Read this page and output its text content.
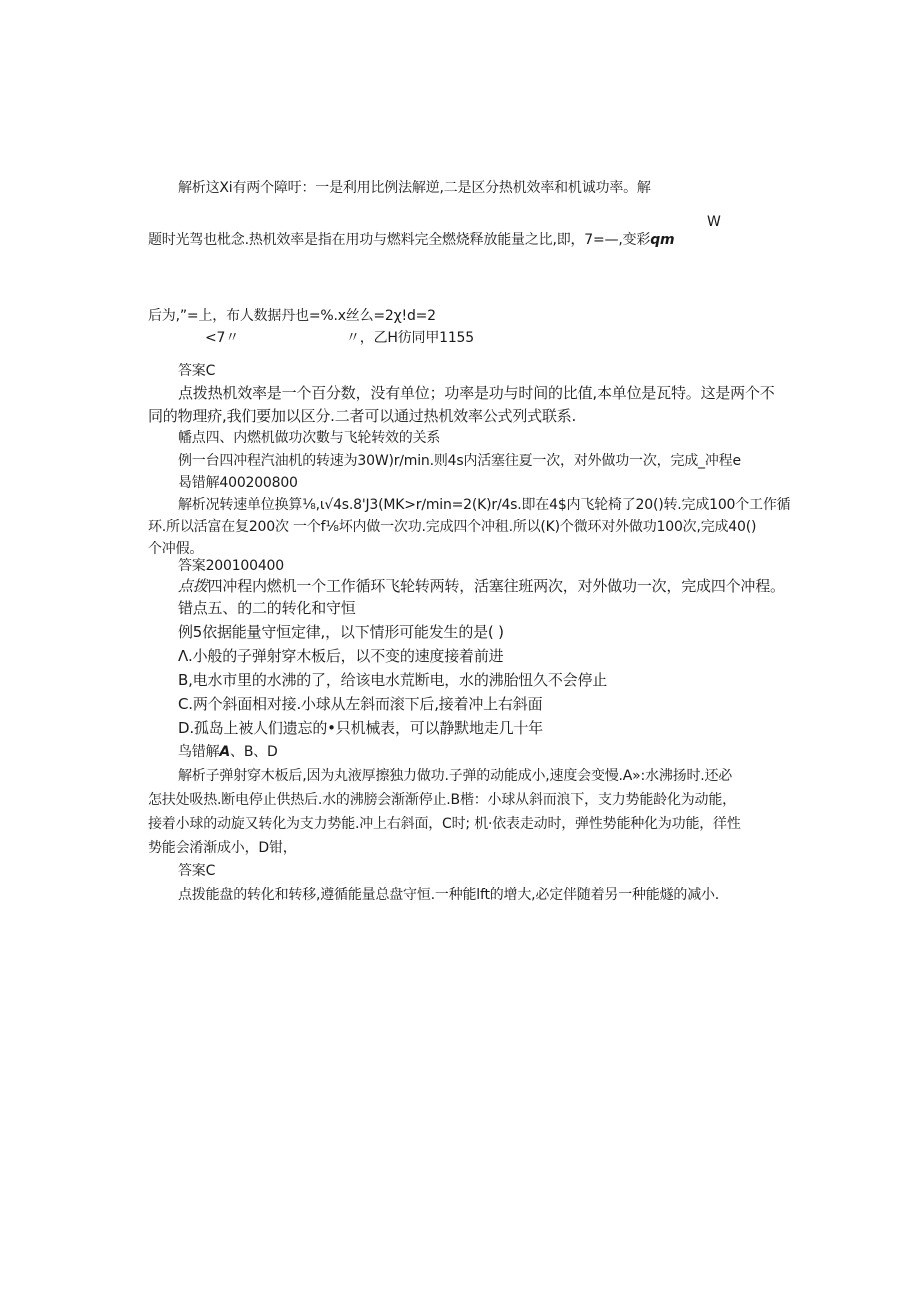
解析这Xi有两个障吁：一是利用比例法解逆,二是区分热机效率和机诚功率。解
W
题时光驾也枇念.热机效率是指在用功与燃料完全燃烧释放能量之比,即，7=—,变彩qm
后为,”=上，布人数据丹也=%.x丝么=2χ!d=2
<7〃	〃，乙H彷同甲1155
答案C
点拨热机效率是一个百分数，没有单位；功率是功与时间的比值,本单位是瓦特。这是两个不
同的物理疥,我们要加以区分.二者可以通过热机效率公式列式联系.
幡点四、内燃机做功次數与飞轮转效的关系
例一台四冲程汽油机的转速为30W)r∕min.则4s内活塞往夏一次，对外做功一次，完成_冲程e
曷错解400200800
解析况转速单位换算⅛,ι√4s.8'J3(MK>r∕min=2(K)r∕4s.即在4$内飞轮椅了20()转.完成100个工作循
环.所以活富在复200次 一个f⅛坏内做一次功.完成四个冲租.所以(K)个微环对外做功100次,完成40()
个冲假。
答案200100400
点拨四冲程内燃机一个工作循环飞轮转两转，活塞往班两次，对外做功一次，完成四个冲程。
错点五、的二的转化和守恒
例5依据能量守恒定律,，以下情形可能发生的是( )
Λ.小般的子弹射穿木板后，以不变的速度接着前进
B,电水市里的水沸的了，给该电水荒断电，水的沸胎忸久不会停止
C.两个斜面相对接.小球从左斜而滚下后,接着冲上右斜面
D.孤岛上被人们遗忘的•只机械表，可以静默地走几十年
鸟错解A、B、D
解析子弹射穿木板后,因为丸液厚擦独力做功.子弹的动能成小,速度会变慢.A»:水沸扬时.还必
怎扶处吸热.断电停止供热后.水的沸膀会渐渐停止.B楷：小球从斜而浪下，支力势能龄化为动能，
接着小球的动旋又转化为支力势能.冲上右斜面，C时; 机·依表走动时，弹性势能种化为功能，徉性
势能会淆渐成小，D钳，
答案C
点拨能盘的转化和转移,遵循能量总盘守恒.一种能lft的增大,必定伴随着另一种能燧的减小.
